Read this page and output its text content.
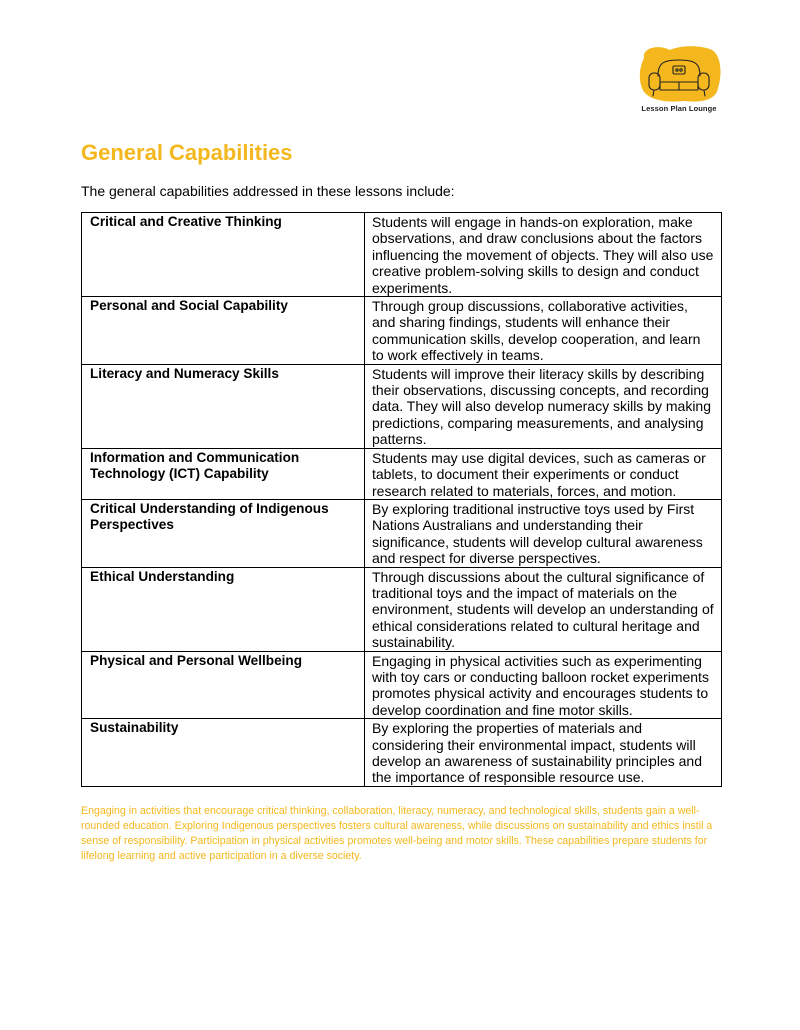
Lesson Plan Lounge
General Capabilities

The general capabilities addressed in these lessons include:

Critical and Creative Thinking	Students will engage in hands-on exploration, make observations, and draw conclusions about the factors influencing the movement of objects. They will also use creative problem-solving skills to design and conduct experiments.
Personal and Social Capability	Through group discussions, collaborative activities, and sharing findings, students will enhance their communication skills, develop cooperation, and learn to work effectively in teams.
Literacy and Numeracy Skills	Students will improve their literacy skills by describing their observations, discussing concepts, and recording data. They will also develop numeracy skills by making predictions, comparing measurements, and analysing patterns.
Information and Communication Technology (ICT) Capability	Students may use digital devices, such as cameras or tablets, to document their experiments or conduct research related to materials, forces, and motion.
Critical Understanding of Indigenous Perspectives	By exploring traditional instructive toys used by First Nations Australians and understanding their significance, students will develop cultural awareness and respect for diverse perspectives.
Ethical Understanding	Through discussions about the cultural significance of traditional toys and the impact of materials on the environment, students will develop an understanding of ethical considerations related to cultural heritage and sustainability.
Physical and Personal Wellbeing	Engaging in physical activities such as experimenting with toy cars or conducting balloon rocket experiments promotes physical activity and encourages students to develop coordination and fine motor skills.
Sustainability	By exploring the properties of materials and considering their environmental impact, students will develop an awareness of sustainability principles and the importance of responsible resource use.

Engaging in activities that encourage critical thinking, collaboration, literacy, numeracy, and technological skills, students gain a well-rounded education. Exploring Indigenous perspectives fosters cultural awareness, while discussions on sustainability and ethics instil a sense of responsibility. Participation in physical activities promotes well-being and motor skills. These capabilities prepare students for lifelong learning and active participation in a diverse society.
